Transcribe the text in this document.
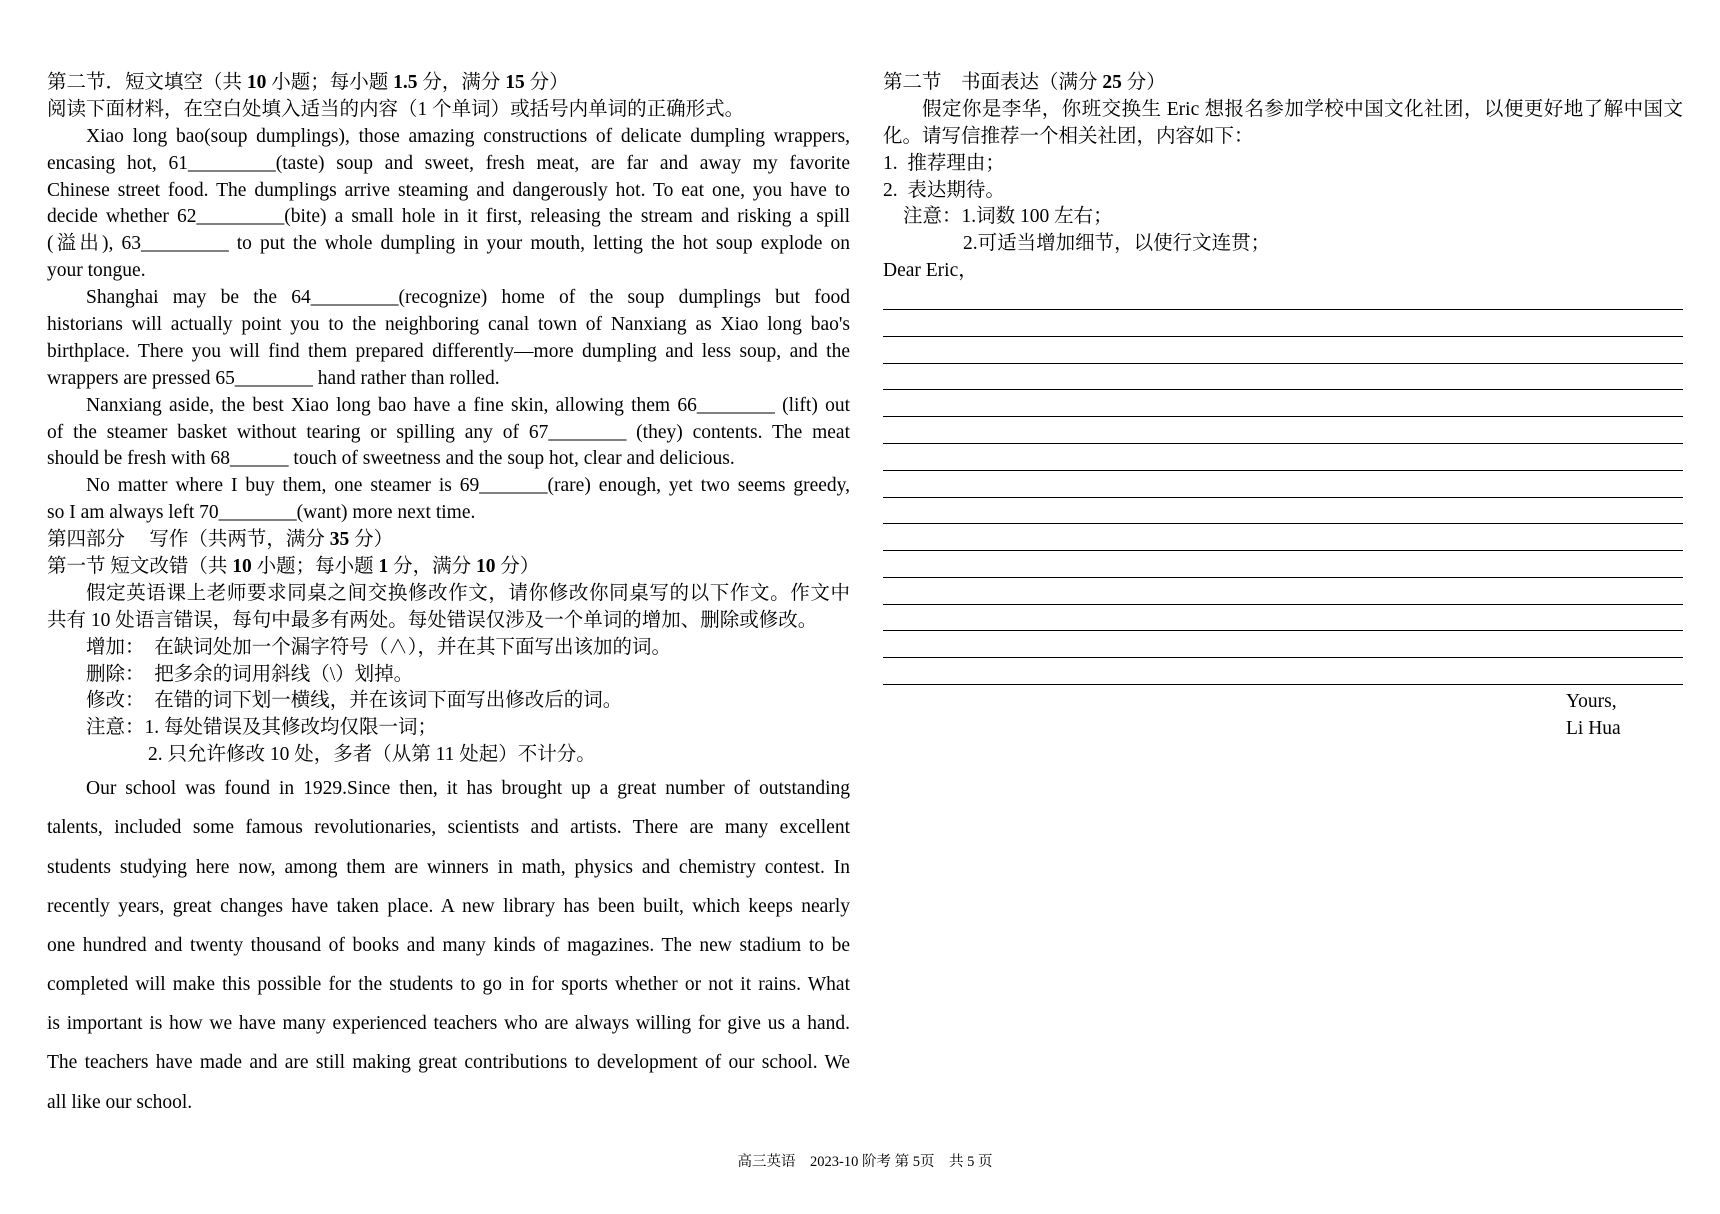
第二节．短文填空（共 10 小题；每小题 1.5 分，满分 15 分）
阅读下面材料，在空白处填入适当的内容（1 个单词）或括号内单词的正确形式。
Xiao long bao(soup dumplings), those amazing constructions of delicate dumpling wrappers,
encasing hot, 61_________(taste) soup and sweet, fresh meat, are far and away my favorite
Chinese street food. The dumplings arrive steaming and dangerously hot. To eat one, you have to
decide whether 62_________(bite) a small hole in it first, releasing the stream and risking a spill
(溢出), 63_________ to put the whole dumpling in your mouth, letting the hot soup explode on
your tongue.
Shanghai may be the 64_________(recognize) home of the soup dumplings but food
historians will actually point you to the neighboring canal town of Nanxiang as Xiao long bao's
birthplace. There you will find them prepared differently—more dumpling and less soup, and the
wrappers are pressed 65________ hand rather than rolled.
Nanxiang aside, the best Xiao long bao have a fine skin, allowing them 66________ (lift) out
of the steamer basket without tearing or spilling any of 67________ (they) contents. The meat
should be fresh with 68______ touch of sweetness and the soup hot, clear and delicious.
No matter where I buy them, one steamer is 69_______(rare) enough, yet two seems greedy,
so I am always left 70________(want) more next time.
第四部分　 写作（共两节，满分 35 分）
第一节 短文改错（共 10 小题；每小题 1 分，满分 10 分）
假定英语课上老师要求同桌之间交换修改作文，请你修改你同桌写的以下作文。作文中
共有 10 处语言错误，每句中最多有两处。每处错误仅涉及一个单词的增加、删除或修改。
增加：　在缺词处加一个漏字符号（∧），并在其下面写出该加的词。
删除：　把多余的词用斜线（\）划掉。
修改：　在错的词下划一横线，并在该词下面写出修改后的词。
注意：1. 每处错误及其修改均仅限一词；
2. 只允许修改 10 处，多者（从第 11 处起）不计分。
Our school was found in 1929.Since then, it has brought up a great number of outstanding
talents, included some famous revolutionaries, scientists and artists. There are many excellent
students studying here now, among them are winners in math, physics and chemistry contest. In
recently years, great changes have taken place. A new library has been built, which keeps nearly
one hundred and twenty thousand of books and many kinds of magazines. The new stadium to be
completed will make this possible for the students to go in for sports whether or not it rains. What
is important is how we have many experienced teachers who are always willing for give us a hand.
The teachers have made and are still making great contributions to development of our school. We
all like our school.
第二节　书面表达（满分 25 分）
假定你是李华，你班交换生 Eric 想报名参加学校中国文化社团，以便更好地了解中国文
化。请写信推荐一个相关社团，内容如下：
1.  推荐理由；
2.  表达期待。
注意：1.词数 100 左右；
2.可适当增加细节，以使行文连贯；
Dear Eric，
Yours,
Li Hua
高三英语　2023-10 阶考 第 5页　共 5 页
